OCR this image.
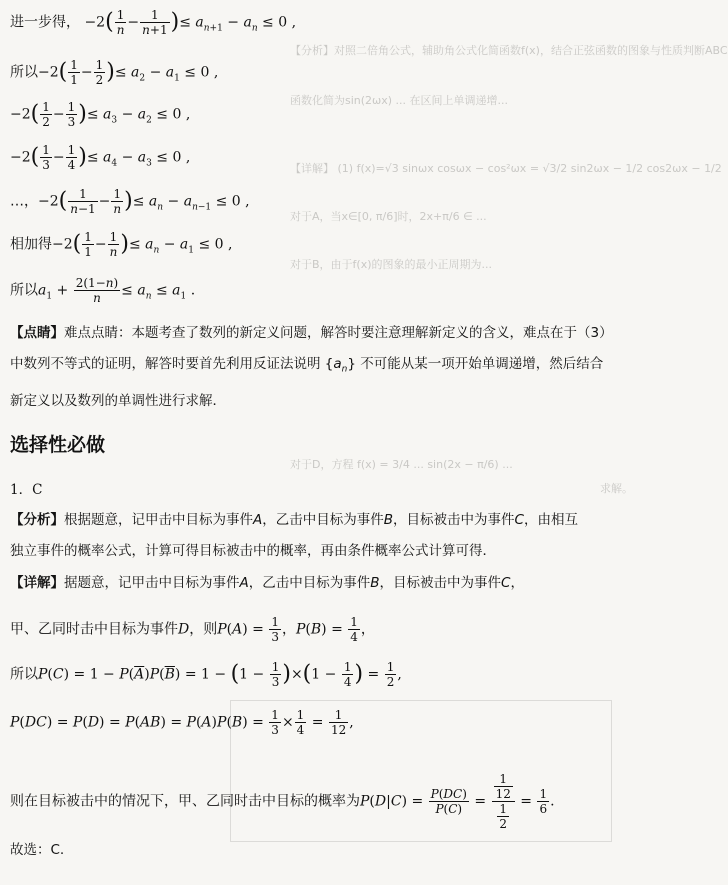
【分析】对照二倍角公式，辅助角公式化简函数f(x)，结合正弦函数的图象与性质判断ABC
函数化简为sin(2ωx) ... 在区间上单调递增...
【详解】 (1) f(x)=√3 sinωx cosωx − cos²ωx = √3/2 sin2ωx − 1/2 cos2ωx − 1/2
对于A，当x∈[0, π/6]时，2x+π/6 ∈ ...
对于B，由于f(x)的图象的最小正周期为...
对于D，方程 f(x) = 3/4 ... sin(2x − π/6) ...
求解。
进一步得， $-2( \frac{1}{n} - \frac{1}{n+1}$ )≤ $a_{n+1} - a_n \le 0$ ,
所以$-2( \frac{1}{1} - \frac{1}{2}$ )≤ $a_2 - a_1 \le 0$ ,
$-2( \frac{1}{2} - \frac{1}{3}$ )≤ $a_3 - a_2 \le 0$ ,
$-2( \frac{1}{3} - \frac{1}{4}$ )≤ $a_4 - a_3 \le 0$ ,
…，$-2( \frac{1}{n-1} - \frac{1}{n}$ )≤ $a_n - a_{n-1} \le 0$ ,
相加得$-2( \frac{1}{1} - \frac{1}{n}$ )≤ $a_n - a_1 \le 0$ ,
所以$a_1 + \frac{2(1-n)}{n} \le a_n \le a_1$ .
【点睛】难点点睛：本题考查了数列的新定义问题，解答时要注意理解新定义的含义，难点在于（3）
中数列不等式的证明，解答时要首先利用反证法说明 $\{a_n\}$ 不可能从某一项开始单调递增，然后结合
新定义以及数列的单调性进行求解．
选择性必做
1．C
【分析】根据题意，记甲击中目标为事件A，乙击中目标为事件B，目标被击中为事件C，由相互
独立事件的概率公式，计算可得目标被击中的概率，再由条件概率公式计算可得．
【详解】据题意，记甲击中目标为事件A，乙击中目标为事件B，目标被击中为事件C，
甲、乙同时击中目标为事件D，则$P(A) = \frac{1}{3}$ ，$P(B) = \frac{1}{4}$ ，
所以$P(C) = 1 - P(\overline{A})P(\overline{B}) = 1 - (1 - \frac{1}{3} )\times(1 - \frac{1}{4}$ ) = $\frac{1}{2}$ ,
$P(DC) = P(D) = P(AB) = P(A)P(B) = \frac{1}{3} \times \frac{1}{4} = \frac{1}{12}$ ,
则在目标被击中的情况下，甲、乙同时击中目标的概率为$P(D|C) = \frac{P(DC)}{P(C)} = \frac{\frac{1}{12}}{\frac{1}{2}} = \frac{1}{6}$ .
故选：C.
